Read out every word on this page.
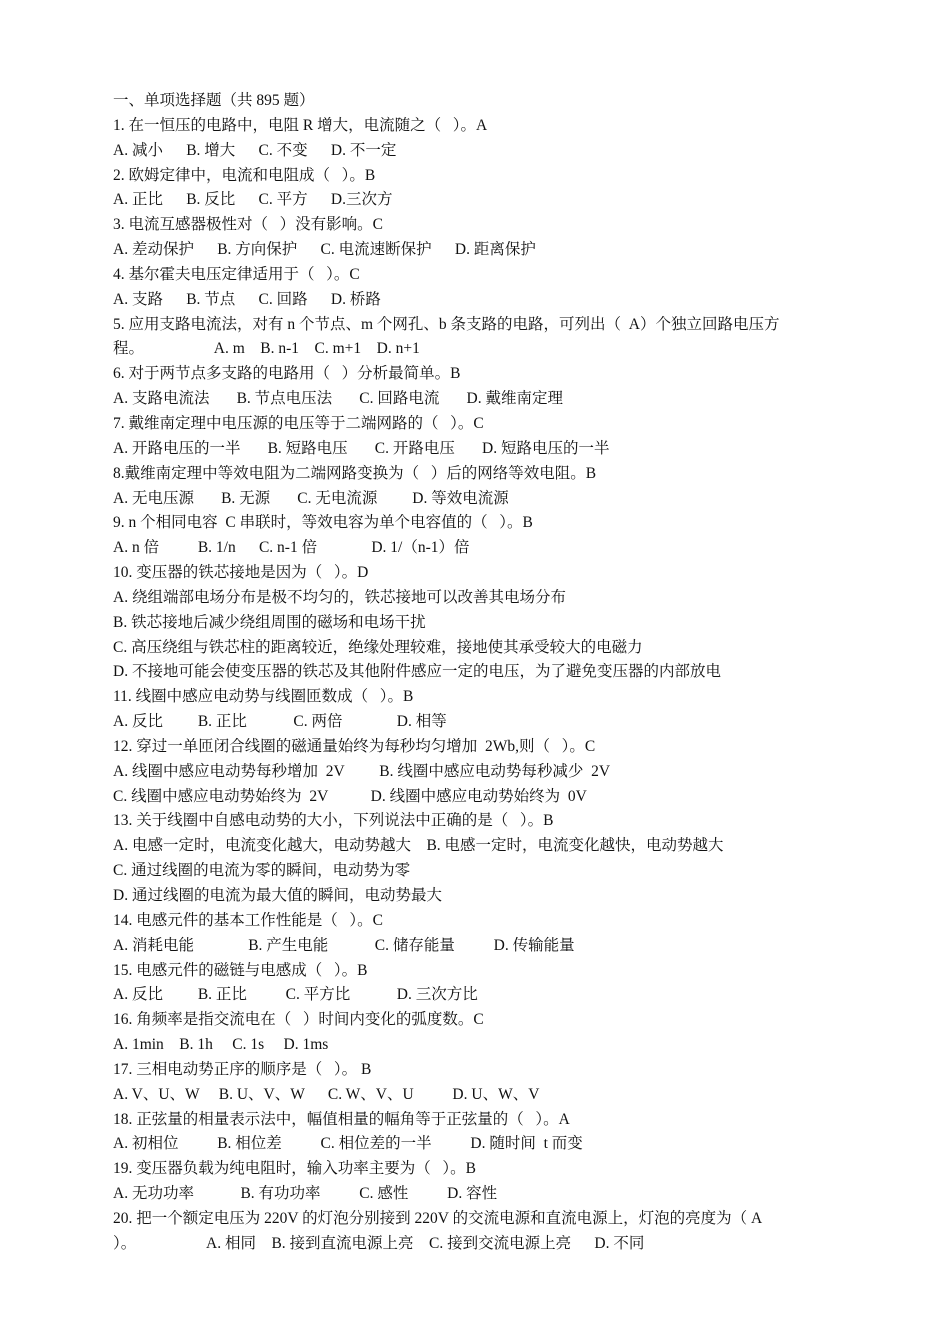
一、单项选择题（共 895 题）
1. 在一恒压的电路中，电阻 R 增大，电流随之（   ）。A
A. 减小      B. 增大      C. 不变      D. 不一定
2. 欧姆定律中，电流和电阻成（   ）。B
A. 正比      B. 反比      C. 平方      D.三次方
3. 电流互感器极性对（   ）没有影响。C
A. 差动保护      B. 方向保护      C. 电流速断保护      D. 距离保护
4. 基尔霍夫电压定律适用于（   ）。C
A. 支路      B. 节点      C. 回路      D. 桥路
5. 应用支路电流法，对有 n 个节点、m 个网孔、b 条支路的电路，可列出（  A）个独立回路电压方
程。                  A. m    B. n-1    C. m+1    D. n+1
6. 对于两节点多支路的电路用（   ）分析最简单。B
A. 支路电流法       B. 节点电压法       C. 回路电流       D. 戴维南定理
7. 戴维南定理中电压源的电压等于二端网路的（   ）。C
A. 开路电压的一半       B. 短路电压       C. 开路电压       D. 短路电压的一半
8.戴维南定理中等效电阻为二端网路变换为（   ）后的网络等效电阻。B
A. 无电压源       B. 无源       C. 无电流源         D. 等效电流源
9. n 个相同电容  C 串联时，等效电容为单个电容值的（   ）。B
A. n 倍          B. 1/n      C. n-1 倍              D. 1/（n-1）倍
10. 变压器的铁芯接地是因为（   ）。D
A. 绕组端部电场分布是极不均匀的，铁芯接地可以改善其电场分布
B. 铁芯接地后减少绕组周围的磁场和电场干扰
C. 高压绕组与铁芯柱的距离较近，绝缘处理较难，接地使其承受较大的电磁力
D. 不接地可能会使变压器的铁芯及其他附件感应一定的电压，为了避免变压器的内部放电
11. 线圈中感应电动势与线圈匝数成（   ）。B
A. 反比         B. 正比            C. 两倍              D. 相等
12. 穿过一单匝闭合线圈的磁通量始终为每秒均匀增加  2Wb,则（   ）。C
A. 线圈中感应电动势每秒增加  2V         B. 线圈中感应电动势每秒减少  2V
C. 线圈中感应电动势始终为  2V           D. 线圈中感应电动势始终为  0V
13. 关于线圈中自感电动势的大小，下列说法中正确的是（   ）。B
A. 电感一定时，电流变化越大，电动势越大    B. 电感一定时，电流变化越快，电动势越大
C. 通过线圈的电流为零的瞬间，电动势为零
D. 通过线圈的电流为最大值的瞬间，电动势最大
14. 电感元件的基本工作性能是（   ）。C
A. 消耗电能              B. 产生电能            C. 储存能量          D. 传输能量
15. 电感元件的磁链与电感成（   ）。B
A. 反比         B. 正比          C. 平方比            D. 三次方比
16. 角频率是指交流电在（   ）时间内变化的弧度数。C
A. 1min    B. 1h     C. 1s     D. 1ms
17. 三相电动势正序的顺序是（   ）。 B
A. V、U、W     B. U、V、W      C. W、V、U          D. U、W、V
18. 正弦量的相量表示法中，幅值相量的幅角等于正弦量的（   ）。A
A. 初相位          B. 相位差          C. 相位差的一半          D. 随时间  t 而变
19. 变压器负载为纯电阻时，输入功率主要为（   ）。B
A. 无功功率            B. 有功功率          C. 感性          D. 容性
20. 把一个额定电压为 220V 的灯泡分别接到 220V 的交流电源和直流电源上，灯泡的亮度为（ A
）。                  A. 相同    B. 接到直流电源上亮    C. 接到交流电源上亮      D. 不同
